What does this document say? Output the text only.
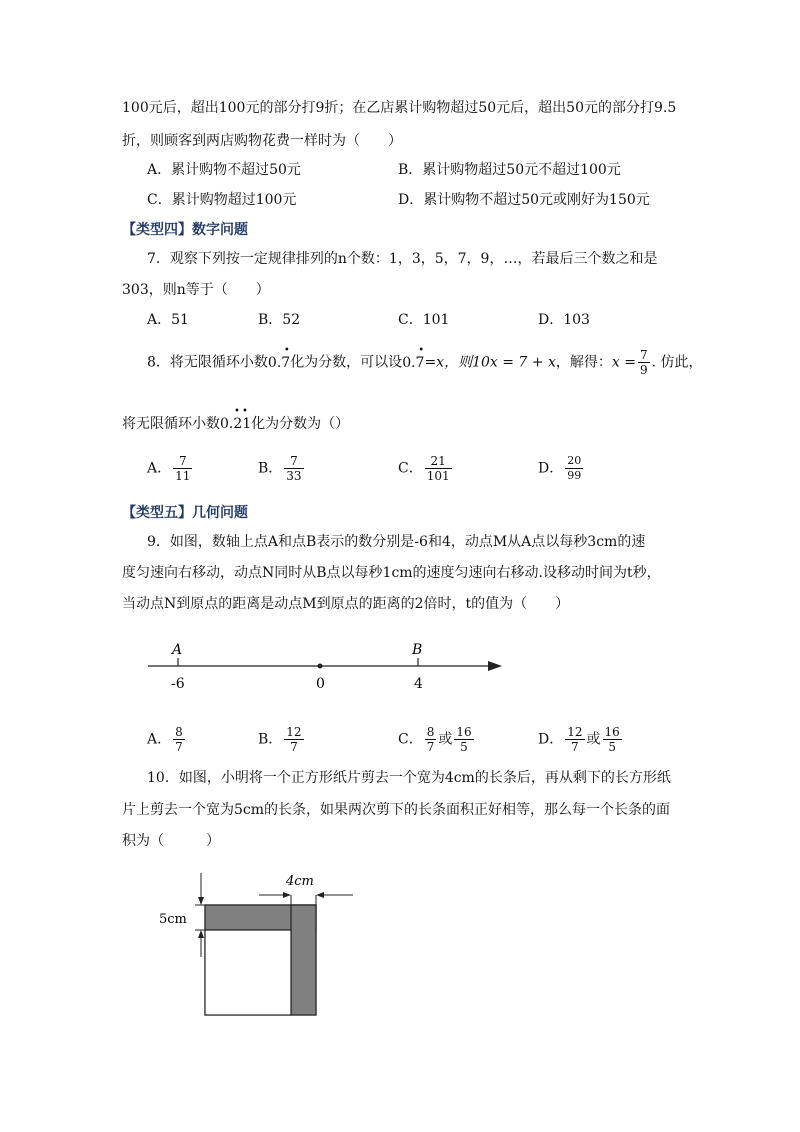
100元后，超出100元的部分打9折；在乙店累计购物超过50元后，超出50元的部分打9.5
折，则顾客到两店购物花费一样时为（　　）
A．累计购物不超过50元	B．累计购物超过50元不超过100元
C．累计购物超过100元	D．累计购物不超过50元或刚好为150元
【类型四】数字问题
7．观察下列按一定规律排列的n个数：1，3，5，7，9，…，若最后三个数之和是
303，则n等于（　　）
A．51	B．52	C．101	D．103
8．将无限循环小数0.7
•
化为分数，可以设0.7
•
=x，则10x = 7 + x，解得：$x = \frac{7}{9}$ . 仿此，
将无限循环小数0.21
• •
化为分数为（）
A． $\frac{7}{11}$	B． $\frac{7}{33}$	C． $\frac{21}{101}$	D． $\frac{20}{99}$
【类型五】几何问题
9．如图，数轴上点A和点B表示的数分别是-6和4，动点M从A点以每秒3cm的速
度匀速向右移动，动点N同时从B点以每秒1cm的速度匀速向右移动.设移动时间为t秒，
当动点N到原点的距离是动点M到原点的距离的2倍时，t的值为（　　）
A	B
-6	0	4
A． $\frac{8}{7}$	B． $\frac{12}{7}$	C． $\frac{8}{7}$ 或 $\frac{16}{5}$	D． $\frac{12}{7}$ 或 $\frac{16}{5}$
10．如图，小明将一个正方形纸片剪去一个宽为4cm的长条后，再从剩下的长方形纸
片上剪去一个宽为5cm的长条，如果两次剪下的长条面积正好相等，那么每一个长条的面
积为（　　　）
4cm
5cm
